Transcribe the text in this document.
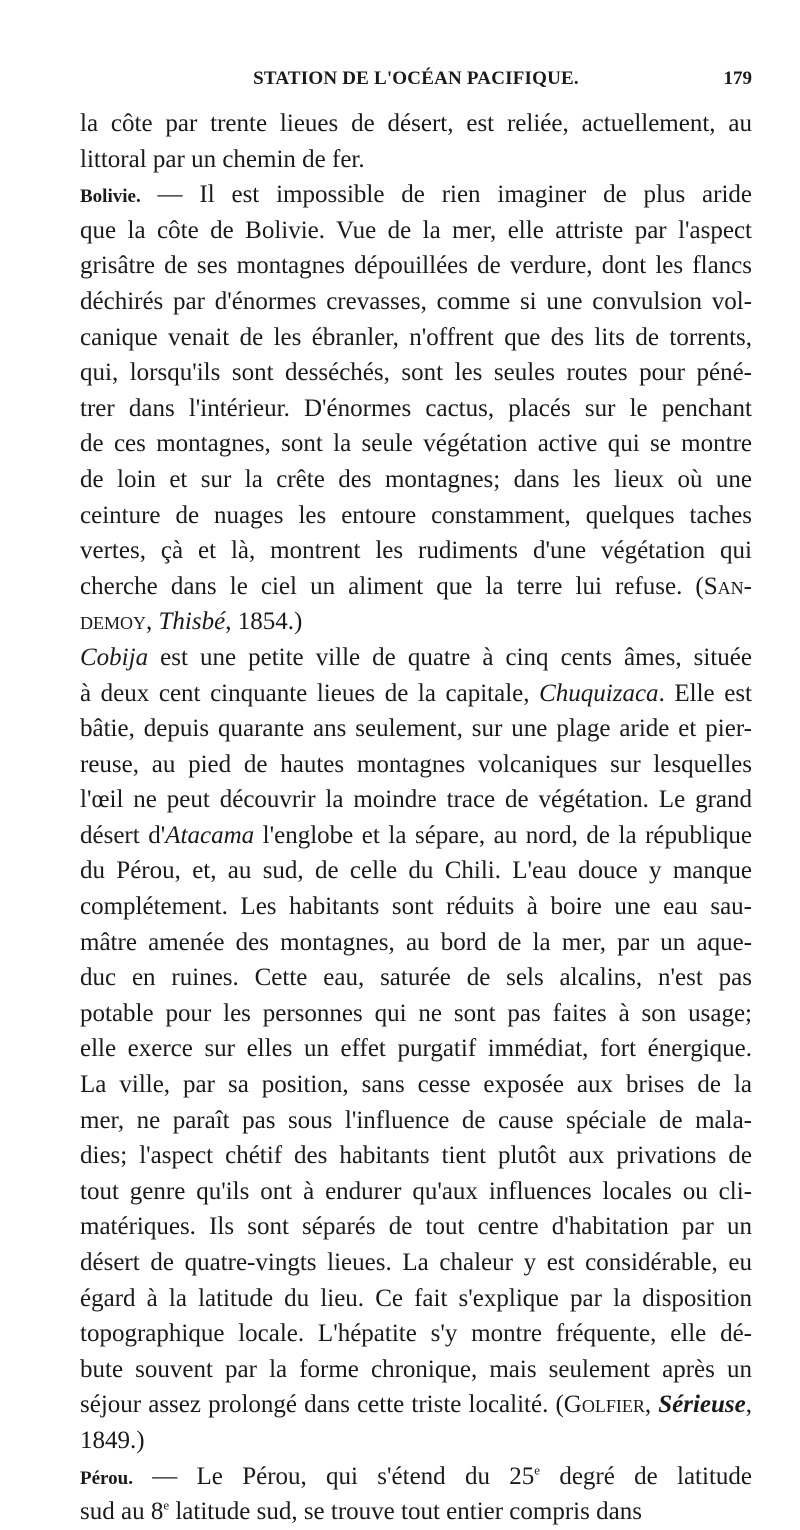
STATION DE L'OCÉAN PACIFIQUE.	179
la côte par trente lieues de désert, est reliée, actuellement, au
littoral par un chemin de fer.
Bolivie. — Il est impossible de rien imaginer de plus aride
que la côte de Bolivie. Vue de la mer, elle attriste par l'aspect
grisâtre de ses montagnes dépouillées de verdure, dont les flancs
déchirés par d'énormes crevasses, comme si une convulsion vol-
canique venait de les ébranler, n'offrent que des lits de torrents,
qui, lorsqu'ils sont desséchés, sont les seules routes pour péné-
trer dans l'intérieur. D'énormes cactus, placés sur le penchant
de ces montagnes, sont la seule végétation active qui se montre
de loin et sur la crête des montagnes; dans les lieux où une
ceinture de nuages les entoure constamment, quelques taches
vertes, çà et là, montrent les rudiments d'une végétation qui
cherche dans le ciel un aliment que la terre lui refuse. (San-
demoy, Thisbé, 1854.)
Cobija est une petite ville de quatre à cinq cents âmes, située
à deux cent cinquante lieues de la capitale, Chuquizaca. Elle est
bâtie, depuis quarante ans seulement, sur une plage aride et pier-
reuse, au pied de hautes montagnes volcaniques sur lesquelles
l'œil ne peut découvrir la moindre trace de végétation. Le grand
désert d'Atacama l'englobe et la sépare, au nord, de la république
du Pérou, et, au sud, de celle du Chili. L'eau douce y manque
complétement. Les habitants sont réduits à boire une eau sau-
mâtre amenée des montagnes, au bord de la mer, par un aque-
duc en ruines. Cette eau, saturée de sels alcalins, n'est pas
potable pour les personnes qui ne sont pas faites à son usage;
elle exerce sur elles un effet purgatif immédiat, fort énergique.
La ville, par sa position, sans cesse exposée aux brises de la
mer, ne paraît pas sous l'influence de cause spéciale de mala-
dies; l'aspect chétif des habitants tient plutôt aux privations de
tout genre qu'ils ont à endurer qu'aux influences locales ou cli-
matériques. Ils sont séparés de tout centre d'habitation par un
désert de quatre-vingts lieues. La chaleur y est considérable, eu
égard à la latitude du lieu. Ce fait s'explique par la disposition
topographique locale. L'hépatite s'y montre fréquente, elle dé-
bute souvent par la forme chronique, mais seulement après un
séjour assez prolongé dans cette triste localité. (Golfier, Sérieuse,
1849.)
Pérou. — Le Pérou, qui s'étend du 25e degré de latitude
sud au 8e latitude sud, se trouve tout entier compris dans
